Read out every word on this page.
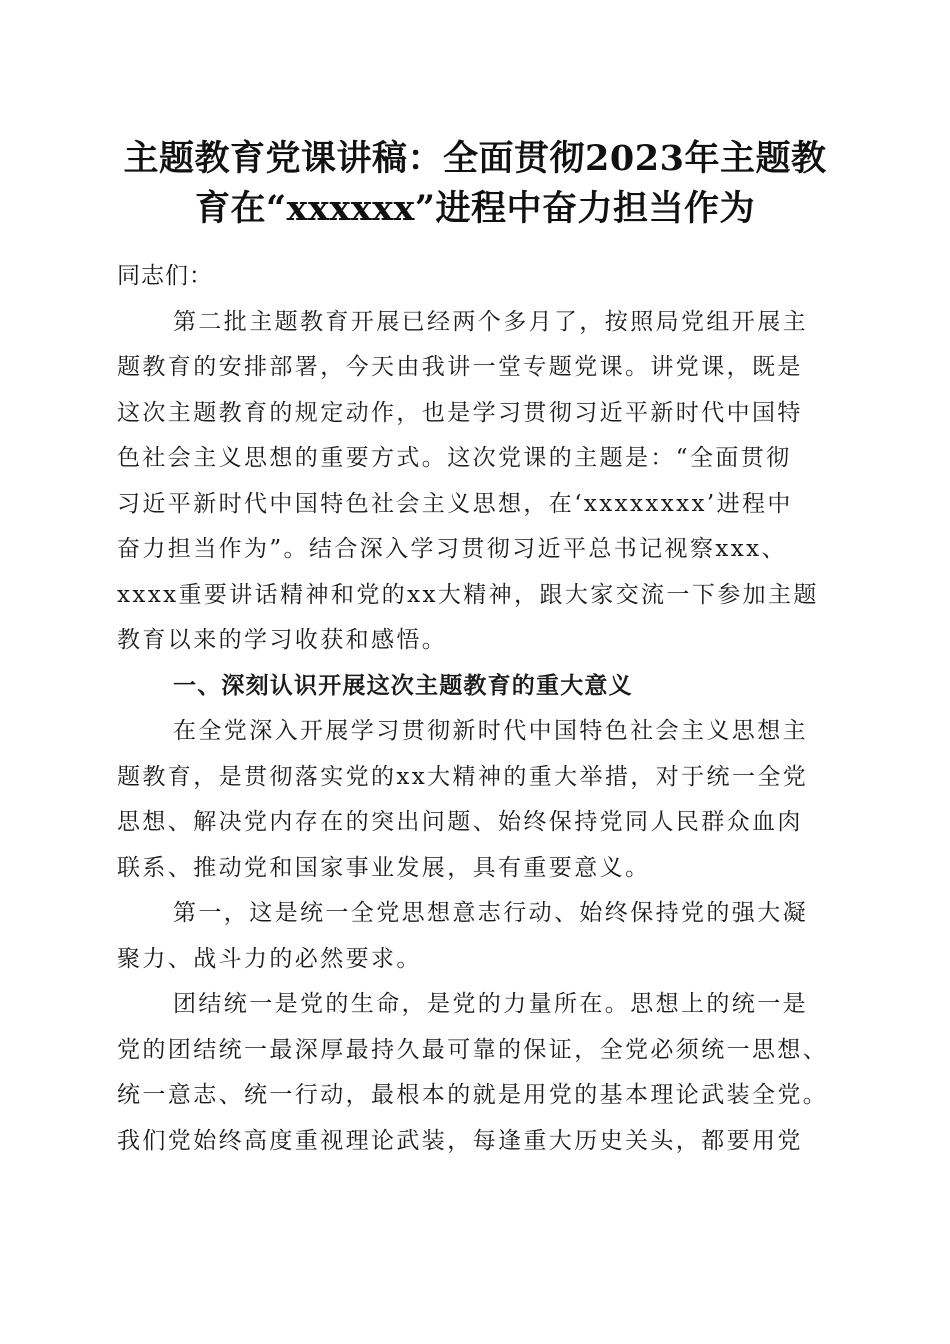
主题教育党课讲稿：全面贯彻2023年主题教
育在“xxxxxx”进程中奋力担当作为
同志们：
第二批主题教育开展已经两个多月了，按照局党组开展主
题教育的安排部署，今天由我讲一堂专题党课。讲党课，既是
这次主题教育的规定动作，也是学习贯彻习近平新时代中国特
色社会主义思想的重要方式。这次党课的主题是：“全面贯彻
习近平新时代中国特色社会主义思想，在‘xxxxxxxx’进程中
奋力担当作为”。结合深入学习贯彻习近平总书记视察xxx、
xxxx重要讲话精神和党的xx大精神，跟大家交流一下参加主题
教育以来的学习收获和感悟。
一、深刻认识开展这次主题教育的重大意义
在全党深入开展学习贯彻新时代中国特色社会主义思想主
题教育，是贯彻落实党的xx大精神的重大举措，对于统一全党
思想、解决党内存在的突出问题、始终保持党同人民群众血肉
联系、推动党和国家事业发展，具有重要意义。
第一，这是统一全党思想意志行动、始终保持党的强大凝
聚力、战斗力的必然要求。
团结统一是党的生命，是党的力量所在。思想上的统一是
党的团结统一最深厚最持久最可靠的保证，全党必须统一思想、
统一意志、统一行动，最根本的就是用党的基本理论武装全党。
我们党始终高度重视理论武装，每逢重大历史关头，都要用党
